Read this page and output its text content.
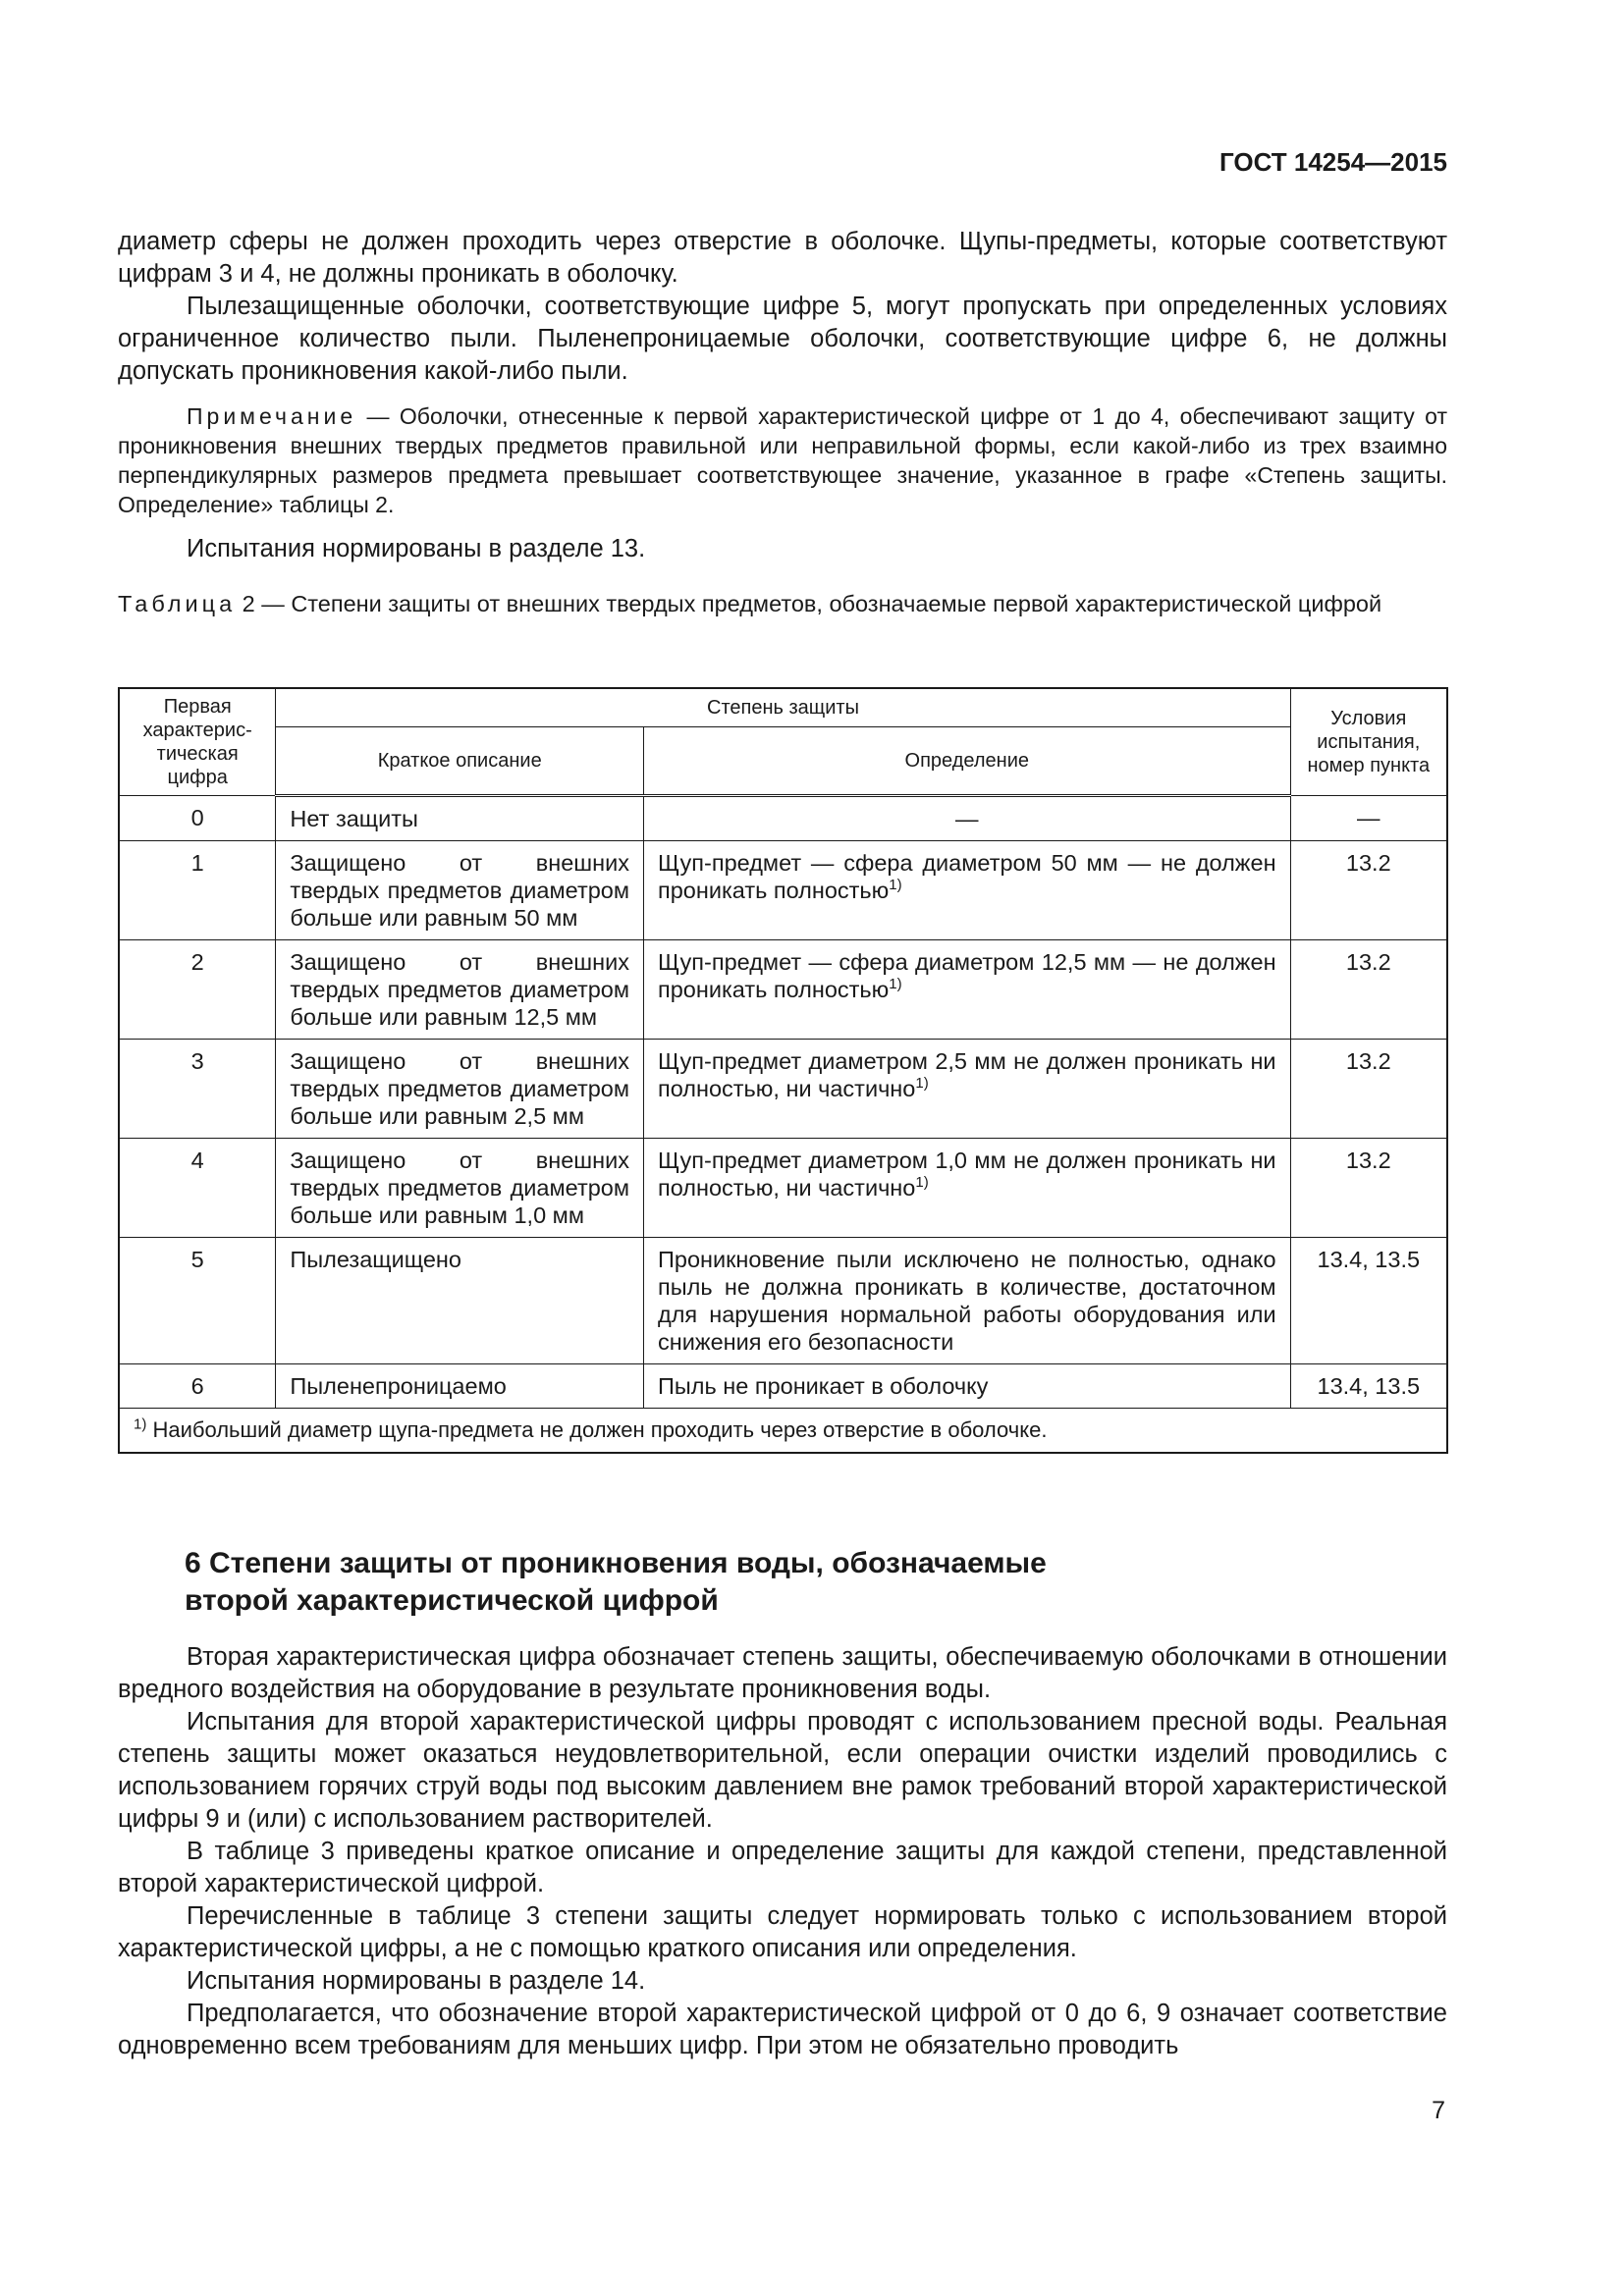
ГОСТ 14254—2015

диаметр сферы не должен проходить через отверстие в оболочке. Щупы-предметы, которые соответствуют цифрам 3 и 4, не должны проникать в оболочку.

Пылезащищенные оболочки, соответствующие цифре 5, могут пропускать при определенных условиях ограниченное количество пыли. Пыленепроницаемые оболочки, соответствующие цифре 6, не должны допускать проникновения какой-либо пыли.

Примечание — Оболочки, отнесенные к первой характеристической цифре от 1 до 4, обеспечивают защиту от проникновения внешних твердых предметов правильной или неправильной формы, если какой-либо из трех взаимно перпендикулярных размеров предмета превышает соответствующее значение, указанное в графе «Степень защиты. Определение» таблицы 2.

Испытания нормированы в разделе 13.

Таблица 2 — Степени защиты от внешних твердых предметов, обозначаемые первой характеристической цифрой

Первая характерис-тическая цифра	Степень защиты		Условия испытания, номер пункта
	Краткое описание	Определение	
0	Нет защиты	—	—
1	Защищено от внешних твердых предметов диаметром больше или равным 50 мм	Щуп-предмет — сфера диаметром 50 мм — не должен проникать полностью$^{1)}$	13.2
2	Защищено от внешних твердых предметов диаметром больше или равным 12,5 мм	Щуп-предмет — сфера диаметром 12,5 мм — не должен проникать полностью$^{1)}$	13.2
3	Защищено от внешних твердых предметов диаметром больше или равным 2,5 мм	Щуп-предмет диаметром 2,5 мм не должен проникать ни полностью, ни частично$^{1)}$	13.2
4	Защищено от внешних твердых предметов диаметром больше или равным 1,0 мм	Щуп-предмет диаметром 1,0 мм не должен проникать ни полностью, ни частично$^{1)}$	13.2
5	Пылезащищено	Проникновение пыли исключено не полностью, однако пыль не должна проникать в количестве, достаточном для нарушения нормальной работы оборудования или снижения его безопасности	13.4, 13.5
6	Пыленепроницаемо	Пыль не проникает в оболочку	13.4, 13.5
$^{1)}$ Наибольший диаметр щупа-предмета не должен проходить через отверстие в оболочке.			
6 Степени защиты от проникновения воды, обозначаемые
второй характеристической цифрой

Вторая характеристическая цифра обозначает степень защиты, обеспечиваемую оболочками в отношении вредного воздействия на оборудование в результате проникновения воды.

Испытания для второй характеристической цифры проводят с использованием пресной воды. Реальная степень защиты может оказаться неудовлетворительной, если операции очистки изделий проводились с использованием горячих струй воды под высоким давлением вне рамок требований второй характеристической цифры 9 и (или) с использованием растворителей.

В таблице 3 приведены краткое описание и определение защиты для каждой степени, представленной второй характеристической цифрой.

Перечисленные в таблице 3 степени защиты следует нормировать только с использованием второй характеристической цифры, а не с помощью краткого описания или определения.

Испытания нормированы в разделе 14.

Предполагается, что обозначение второй характеристической цифрой от 0 до 6, 9 означает соответствие одновременно всем требованиям для меньших цифр. При этом не обязательно проводить

7
